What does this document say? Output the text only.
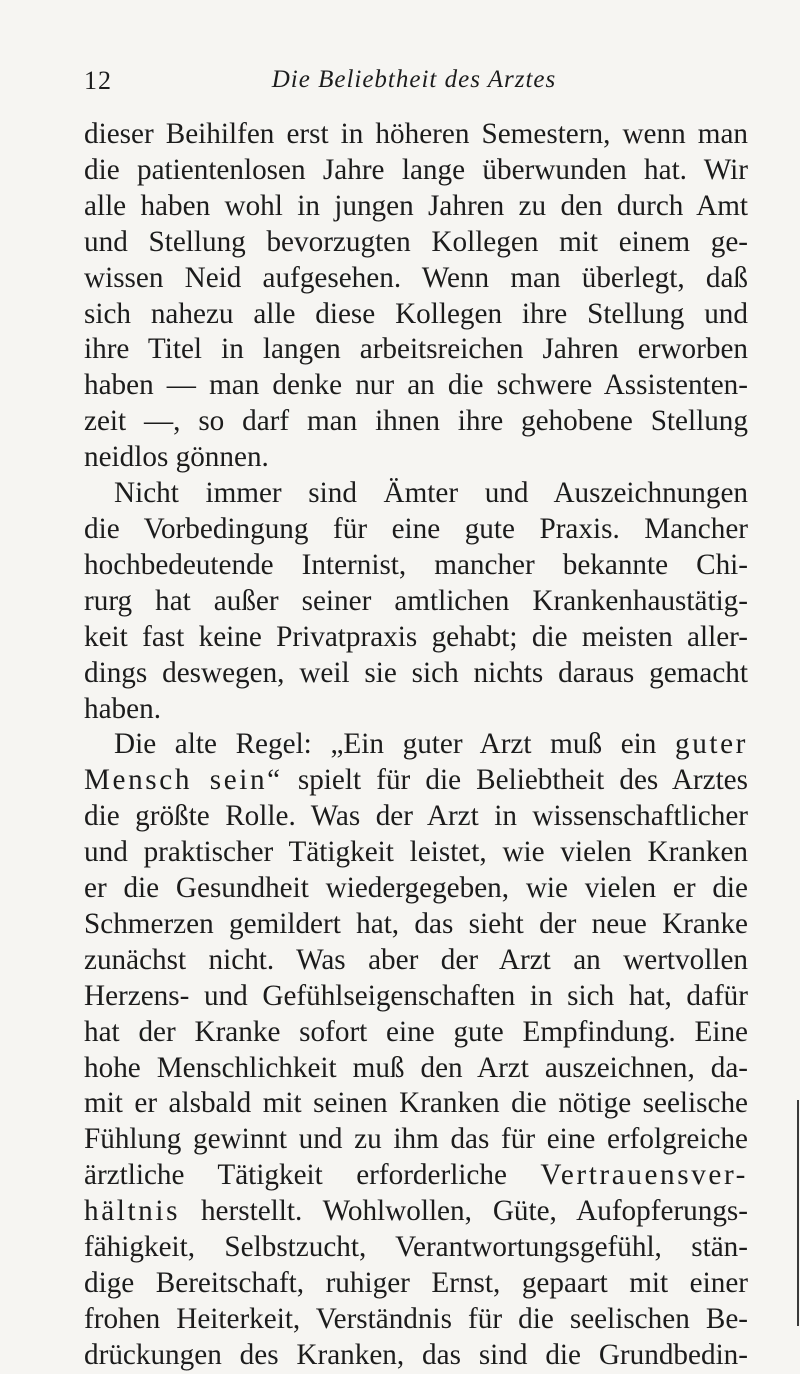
12	Die Beliebtheit des Arztes
dieser Beihilfen erst in höheren Semestern, wenn man
die patientenlosen Jahre lange überwunden hat. Wir
alle haben wohl in jungen Jahren zu den durch Amt
und Stellung bevorzugten Kollegen mit einem ge-
wissen Neid aufgesehen. Wenn man überlegt, daß
sich nahezu alle diese Kollegen ihre Stellung und
ihre Titel in langen arbeitsreichen Jahren erworben
haben — man denke nur an die schwere Assistenten-
zeit —, so darf man ihnen ihre gehobene Stellung
neidlos gönnen.
Nicht immer sind Ämter und Auszeichnungen
die Vorbedingung für eine gute Praxis. Mancher
hochbedeutende Internist, mancher bekannte Chi-
rurg hat außer seiner amtlichen Krankenhaustätig-
keit fast keine Privatpraxis gehabt; die meisten aller-
dings deswegen, weil sie sich nichts daraus gemacht
haben.
Die alte Regel: „Ein guter Arzt muß ein guter
Mensch sein“ spielt für die Beliebtheit des Arztes
die größte Rolle. Was der Arzt in wissenschaftlicher
und praktischer Tätigkeit leistet, wie vielen Kranken
er die Gesundheit wiedergegeben, wie vielen er die
Schmerzen gemildert hat, das sieht der neue Kranke
zunächst nicht. Was aber der Arzt an wertvollen
Herzens- und Gefühlseigenschaften in sich hat, dafür
hat der Kranke sofort eine gute Empfindung. Eine
hohe Menschlichkeit muß den Arzt auszeichnen, da-
mit er alsbald mit seinen Kranken die nötige seelische
Fühlung gewinnt und zu ihm das für eine erfolgreiche
ärztliche Tätigkeit erforderliche Vertrauensver-
hältnis herstellt. Wohlwollen, Güte, Aufopferungs-
fähigkeit, Selbstzucht, Verantwortungsgefühl, stän-
dige Bereitschaft, ruhiger Ernst, gepaart mit einer
frohen Heiterkeit, Verständnis für die seelischen Be-
drückungen des Kranken, das sind die Grundbedin-
